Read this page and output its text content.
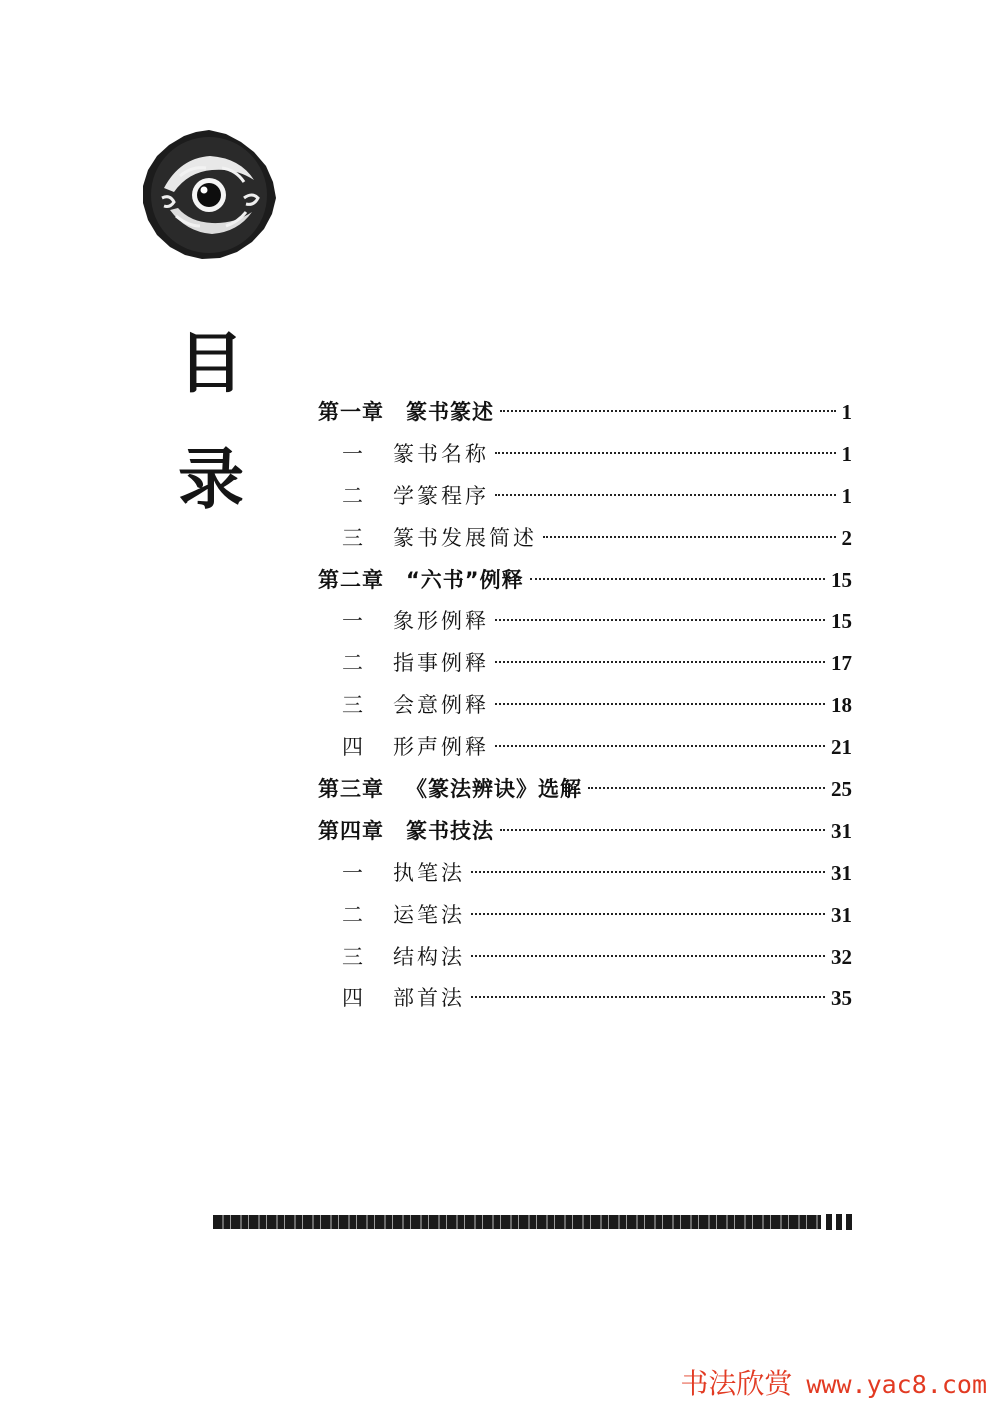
目
录
第一章 篆书篆述	1
一 篆书名称	1
二 学篆程序	1
三 篆书发展简述	2
第二章 “六书”例释	15
一 象形例释	15
二 指事例释	17
三 会意例释	18
四 形声例释	21
第三章 《篆法辨诀》选解	25
第四章 篆书技法	31
一 执笔法	31
二 运笔法	31
三 结构法	32
四 部首法	35
书法欣赏 www.yac8.com
